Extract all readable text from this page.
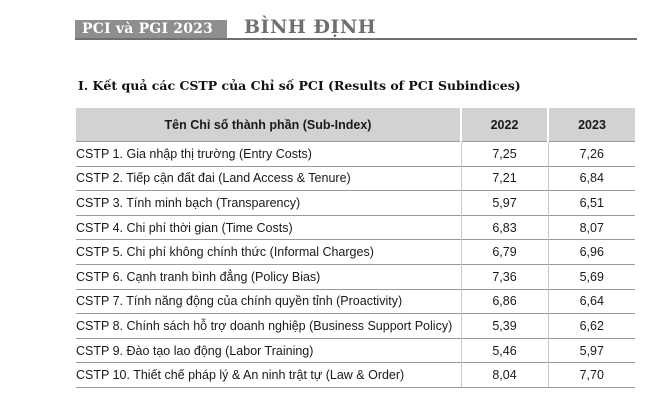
PCI và PGI 2023	BÌNH ĐỊNH
I. Kết quả các CSTP của Chỉ số PCI (Results of PCI Subindices)
Tên Chỉ số thành phần (Sub-Index)	2022	2023
CSTP 1. Gia nhập thị trường (Entry Costs)	7,25	7,26
CSTP 2. Tiếp cận đất đai (Land Access & Tenure)	7,21	6,84
CSTP 3. Tính minh bạch (Transparency)	5,97	6,51
CSTP 4. Chi phí thời gian (Time Costs)	6,83	8,07
CSTP 5. Chi phí không chính thức (Informal Charges)	6,79	6,96
CSTP 6. Cạnh tranh bình đẳng (Policy Bias)	7,36	5,69
CSTP 7. Tính năng động của chính quyền tỉnh (Proactivity)	6,86	6,64
CSTP 8. Chính sách hỗ trợ doanh nghiệp (Business Support Policy)	5,39	6,62
CSTP 9. Đào tạo lao động (Labor Training)	5,46	5,97
CSTP 10. Thiết chế pháp lý & An ninh trật tự (Law & Order)	8,04	7,70
